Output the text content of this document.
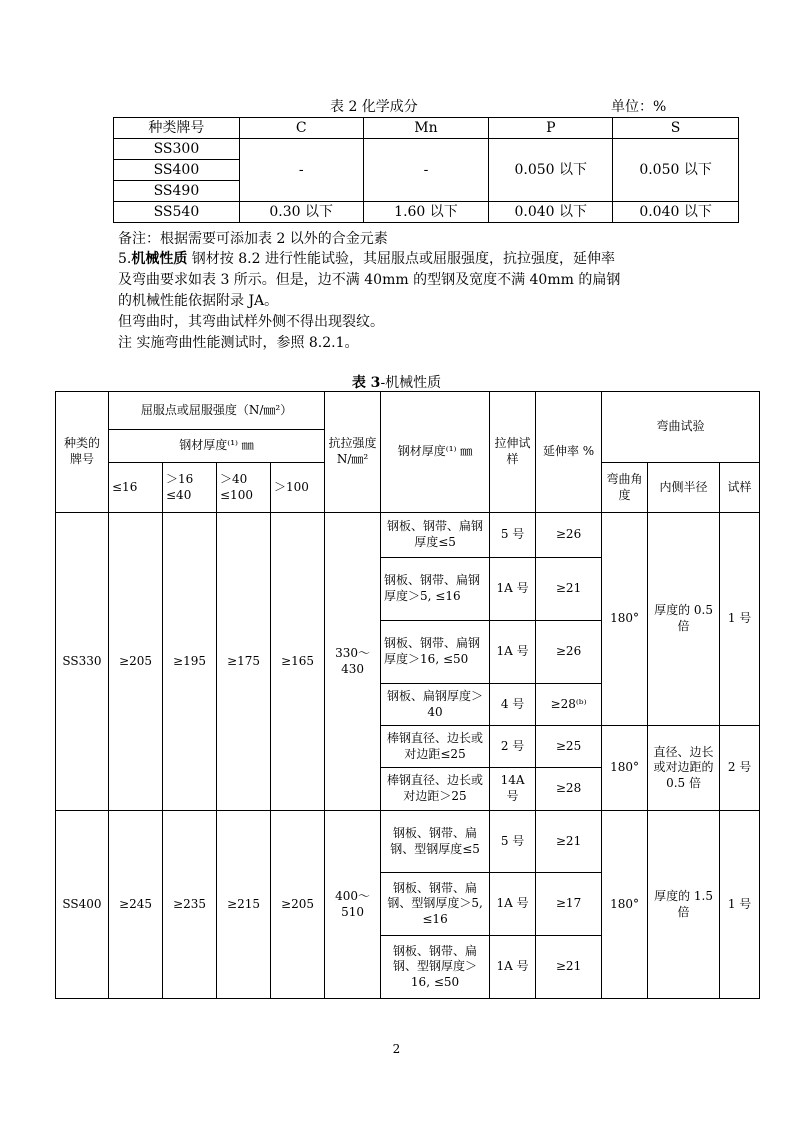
表 2 化学成分	单位：%
种类牌号	C	Mn	P	S
SS300	-	-	0.050 以下	0.050 以下
SS400				
SS490				
SS540	0.30 以下	1.60 以下	0.040 以下	0.040 以下
备注：根据需要可添加表 2 以外的合金元素
5.机械性质 钢材按 8.2 进行性能试验，其屈服点或屈服强度，抗拉强度，延伸率
及弯曲要求如表 3 所示。但是，边不满 40mm 的型钢及宽度不满 40mm 的扁钢
的机械性能依据附录 JA。
但弯曲时，其弯曲试样外侧不得出现裂纹。
注 实施弯曲性能测试时，参照 8.2.1。
表 3-机械性质
种类的牌号	屈服点或屈服强度（N/㎜²）				抗拉强度 N/㎜²	钢材厚度⁽¹⁾ ㎜	拉伸试样	延伸率 %	弯曲试验		
	钢材厚度⁽¹⁾ ㎜										
	≤16	＞16 ≤40	＞40 ≤100	＞100					弯曲角度	内侧半径	试样
SS330	≥205	≥195	≥175	≥165	330～430	钢板、钢带、扁钢厚度≤5	5 号	≥26	180°	厚度的 0.5 倍	1 号
						钢板、钢带、扁钢厚度＞5, ≤16	1A 号	≥21			
						钢板、钢带、扁钢厚度＞16, ≤50	1A 号	≥26			
						钢板、扁钢厚度＞40	4 号	≥28⁽ᵇ⁾			
						棒钢直径、边长或对边距≤25	2 号	≥25	180°	直径、边长或对边距的 0.5 倍	2 号
						棒钢直径、边长或对边距＞25	14A 号	≥28			
SS400	≥245	≥235	≥215	≥205	400～510	钢板、钢带、扁钢、型钢厚度≤5	5 号	≥21	180°	厚度的 1.5 倍	1 号
						钢板、钢带、扁钢、型钢厚度＞5, ≤16	1A 号	≥17			
						钢板、钢带、扁钢、型钢厚度＞16, ≤50	1A 号	≥21			
2
